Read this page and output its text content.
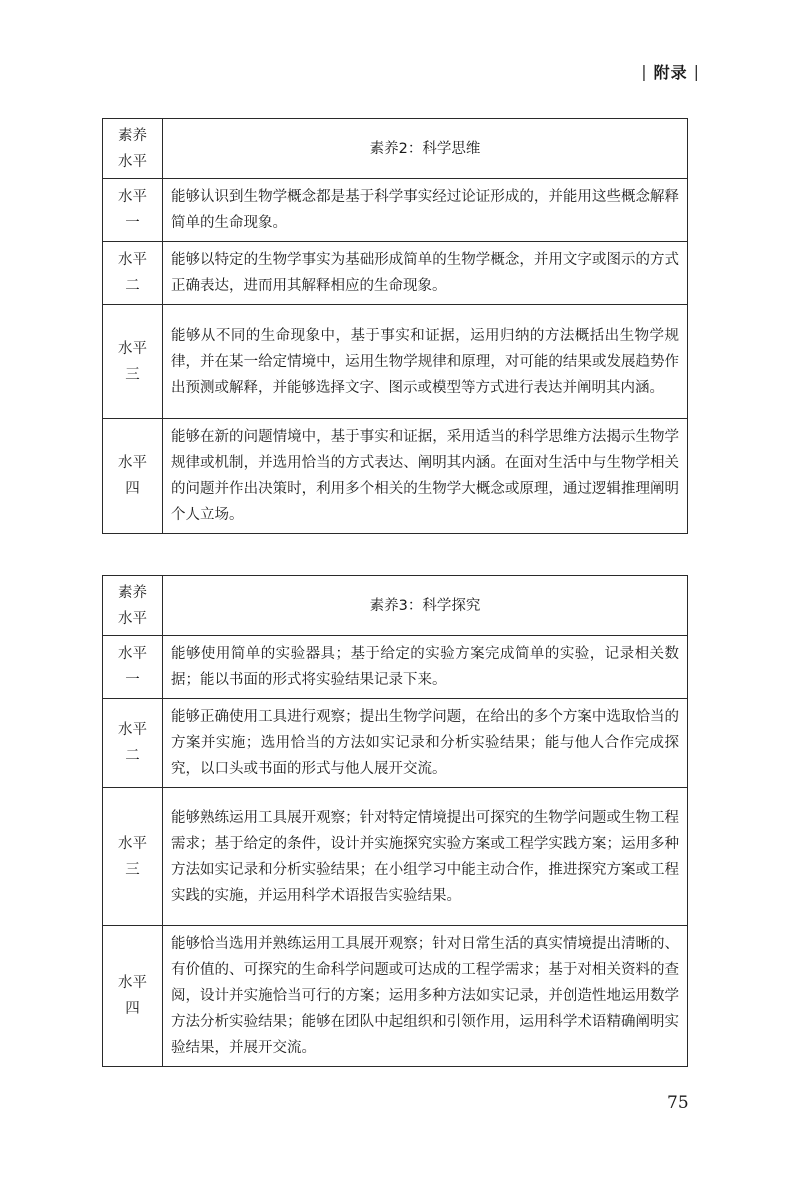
| 附录 |
素养
水平	素养2：科学思维

水平
一	能够认识到生物学概念都是基于科学事实经过论证形成的，并能用这些概念解释简单的生命现象。

水平
二	能够以特定的生物学事实为基础形成简单的生物学概念，并用文字或图示的方式正确表达，进而用其解释相应的生命现象。

水平
三	能够从不同的生命现象中，基于事实和证据，运用归纳的方法概括出生物学规律，并在某一给定情境中，运用生物学规律和原理，对可能的结果或发展趋势作出预测或解释，并能够选择文字、图示或模型等方式进行表达并阐明其内涵。

水平
四	能够在新的问题情境中，基于事实和证据，采用适当的科学思维方法揭示生物学规律或机制，并选用恰当的方式表达、阐明其内涵。在面对生活中与生物学相关的问题并作出决策时，利用多个相关的生物学大概念或原理，通过逻辑推理阐明个人立场。
素养
水平	素养3：科学探究

水平
一	能够使用简单的实验器具；基于给定的实验方案完成简单的实验，记录相关数据；能以书面的形式将实验结果记录下来。

水平
二	能够正确使用工具进行观察；提出生物学问题，在给出的多个方案中选取恰当的方案并实施；选用恰当的方法如实记录和分析实验结果；能与他人合作完成探究，以口头或书面的形式与他人展开交流。

水平
三	能够熟练运用工具展开观察；针对特定情境提出可探究的生物学问题或生物工程需求；基于给定的条件，设计并实施探究实验方案或工程学实践方案；运用多种方法如实记录和分析实验结果；在小组学习中能主动合作，推进探究方案或工程实践的实施，并运用科学术语报告实验结果。

水平
四	能够恰当选用并熟练运用工具展开观察；针对日常生活的真实情境提出清晰的、有价值的、可探究的生命科学问题或可达成的工程学需求；基于对相关资料的查阅，设计并实施恰当可行的方案；运用多种方法如实记录，并创造性地运用数学方法分析实验结果；能够在团队中起组织和引领作用，运用科学术语精确阐明实验结果，并展开交流。
75
